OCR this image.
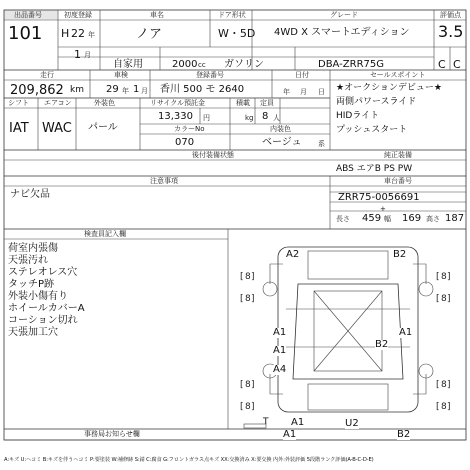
[ 8 ]	[ 8 ]
[ 8 ]	[ 8 ]
[ 8 ]	[ 8 ]
[ 8 ]	[ 8 ]
A2	B2
A1	A1
B2
A1
A4
A1	U2
A1	B2
T
出品番号
101
初度登録
H 22 年
1 月
車名
ノア
ドア形状
W・5D
グレード
4WD X スマートエディション
評価点
3.5
自家用	2000 cc ガソリン	DBA-ZRR75G	C C
走行
209,862 km
車検
29 年 1 月
登録番号
香川 500 モ 2640
日付
年 月 日
セールスポイント
★オークションデビュー★
両側パワースライド
HIDライト
プッシュスタート
シフト
IAT
エアコン
WAC
外装色
パール
リサイクル預託金
13,330 円
積載
kg
定員
8 人
カラーNo
070
内装色
ベージュ 系
後付装備状態
注意事項
ナビ欠品
純正装備
ABS エアB PS PW
車台番号
ZRR75-0056691
長さ 459 幅 169 高さ 187
+
検査員記入欄
荷室内張傷
天張汚れ
ステレオレス穴
タッチP跡
外装小傷有り
ホイールカバーA
コーション切れ
天張加工穴
事務局お知らせ欄
A:キズ U:ヘコミ B:キズを伴うヘコミ P:要塗装 W:補修跡 S:錆 C:腐食 G:フロントガラス点キズ XX:交換済み X:要交換 内外:外装評価 5段階ランク評価(A-B-C-D-E)
